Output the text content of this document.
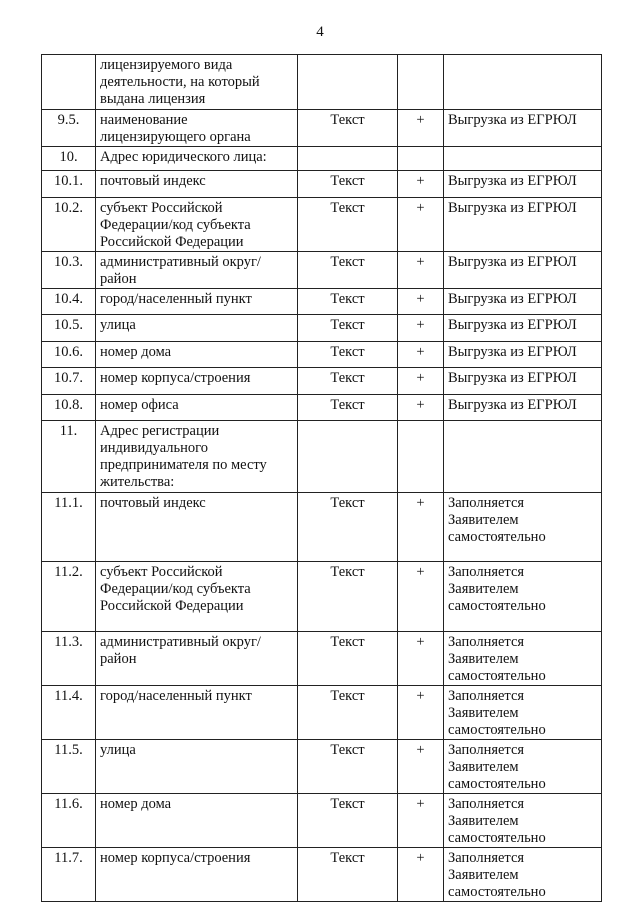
4

	лицензируемого вида
деятельности, на который
выдана лицензия			

9.5.	наименование
лицензирующего органа	Текст	+	Выгрузка из ЕГРЮЛ

10.	Адрес юридического лица:			

10.1.	почтовый индекс	Текст	+	Выгрузка из ЕГРЮЛ

10.2.	субъект Российской
Федерации/код субъекта
Российской Федерации	Текст	+	Выгрузка из ЕГРЮЛ

10.3.	административный округ/
район	Текст	+	Выгрузка из ЕГРЮЛ

10.4.	город/населенный пункт	Текст	+	Выгрузка из ЕГРЮЛ

10.5.	улица	Текст	+	Выгрузка из ЕГРЮЛ

10.6.	номер дома	Текст	+	Выгрузка из ЕГРЮЛ

10.7.	номер корпуса/строения	Текст	+	Выгрузка из ЕГРЮЛ

10.8.	номер офиса	Текст	+	Выгрузка из ЕГРЮЛ

11.	Адрес регистрации
индивидуального
предпринимателя по месту
жительства:			

11.1.	почтовый индекс	Текст	+	Заполняется
Заявителем
самостоятельно

11.2.	субъект Российской
Федерации/код субъекта
Российской Федерации	Текст	+	Заполняется
Заявителем
самостоятельно

11.3.	административный округ/
район	Текст	+	Заполняется
Заявителем
самостоятельно

11.4.	город/населенный пункт	Текст	+	Заполняется
Заявителем
самостоятельно

11.5.	улица	Текст	+	Заполняется
Заявителем
самостоятельно

11.6.	номер дома	Текст	+	Заполняется
Заявителем
самостоятельно

11.7.	номер корпуса/строения	Текст	+	Заполняется
Заявителем
самостоятельно
